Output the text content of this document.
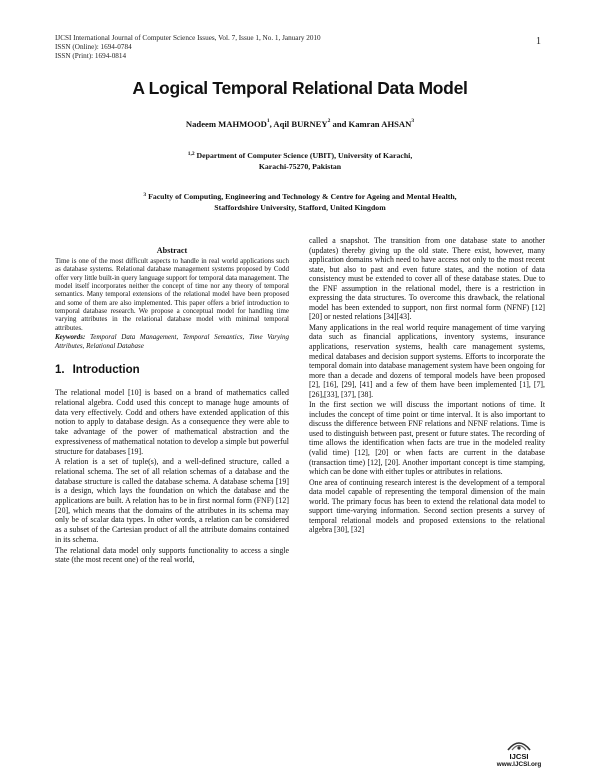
IJCSI International Journal of Computer Science Issues, Vol. 7, Issue 1, No. 1, January 2010
ISSN (Online): 1694-0784
ISSN (Print): 1694-0814
1
A Logical Temporal Relational Data Model
Nadeem MAHMOOD$^1$, Aqil BURNEY$^2$ and Kamran AHSAN$^3$
$^{1,2}$ Department of Computer Science (UBIT), University of Karachi,
Karachi-75270, Pakistan
$^3$ Faculty of Computing, Engineering and Technology & Centre for Ageing and Mental Health,
Staffordshire University, Stafford, United Kingdom
Abstract
Time is one of the most difficult aspects to handle in real world applications such as database systems. Relational database management systems proposed by Codd offer very little built-in query language support for temporal data management. The model itself incorporates neither the concept of time nor any theory of temporal semantics. Many temporal extensions of the relational model have been proposed and some of them are also implemented. This paper offers a brief introduction to temporal database research. We propose a conceptual model for handling time varying attributes in the relational database model with minimal temporal attributes.
Keywords: Temporal Data Management, Temporal Semantics, Time Varying Attributes, Relational Database
1. Introduction

The relational model [10] is based on a brand of mathematics called relational algebra. Codd used this concept to manage huge amounts of data very effectively. Codd and others have extended application of this notion to apply to database design. As a consequence they were able to take advantage of the power of mathematical abstraction and the expressiveness of mathematical notation to develop a simple but powerful structure for databases [19].

A relation is a set of tuple(s), and a well-defined structure, called a relational schema. The set of all relation schemas of a database and the database structure is called the database schema. A database schema [19] is a design, which lays the foundation on which the database and the applications are built. A relation has to be in first normal form (FNF) [12][20], which means that the domains of the attributes in its schema may only be of scalar data types. In other words, a relation can be considered as a subset of the Cartesian product of all the attribute domains contained in its schema.

The relational data model only supports functionality to access a single state (the most recent one) of the real world,

called a snapshot. The transition from one database state to another (updates) thereby giving up the old state. There exist, however, many application domains which need to have access not only to the most recent state, but also to past and even future states, and the notion of data consistency must be extended to cover all of these database states. Due to the FNF assumption in the relational model, there is a restriction in expressing the data structures. To overcome this drawback, the relational model has been extended to support, non first normal form (NFNF) [12][20] or nested relations [34][43].

Many applications in the real world require management of time varying data such as financial applications, inventory systems, insurance applications, reservation systems, health care management systems, medical databases and decision support systems. Efforts to incorporate the temporal domain into database management system have been ongoing for more than a decade and dozens of temporal models have been proposed [2], [16], [29], [41] and a few of them have been implemented [1], [7], [26],[33], [37], [38].

In the first section we will discuss the important notions of time. It includes the concept of time point or time interval. It is also important to discuss the difference between FNF relations and NFNF relations. Time is used to distinguish between past, present or future states. The recording of time allows the identification when facts are true in the modeled reality (valid time) [12], [20] or when facts are current in the database (transaction time) [12], [20]. Another important concept is time stamping, which can be done with either tuples or attributes in relations.

One area of continuing research interest is the development of a temporal data model capable of representing the temporal dimension of the main world. The primary focus has been to extend the relational data model to support time-varying information. Second section presents a survey of temporal relational models and proposed extensions to the relational algebra [30], [32]

IJCSI
www.IJCSI.org
